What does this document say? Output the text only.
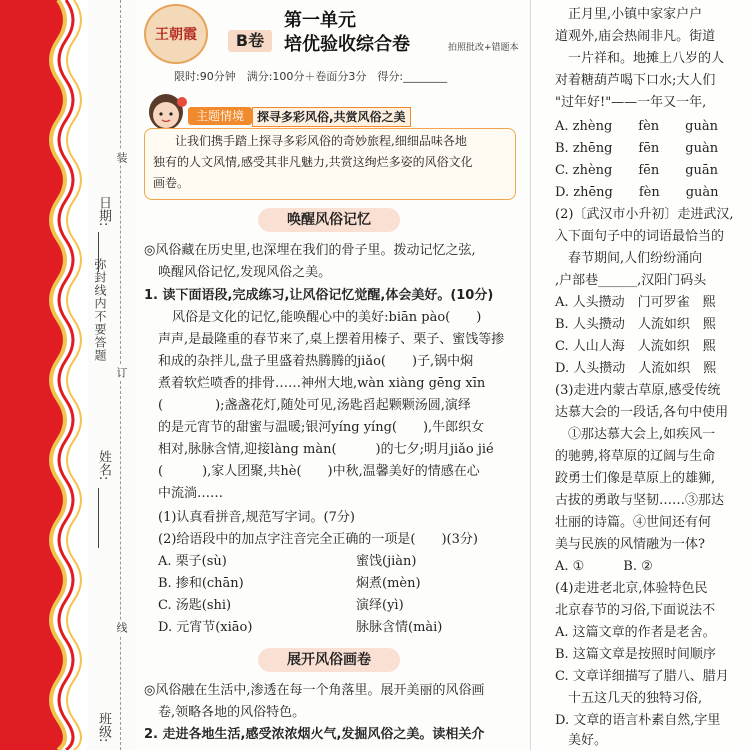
日期:
弥封线内不要答题
姓名:
班级:
装
订
线
王朝霞
第一单元
B卷	培优验收综合卷	拍照批改+错题本
限时:90分钟　满分:100分＋卷面分3分　得分:________
主题情境	探寻多彩风俗,共赏风俗之美
让我们携手踏上探寻多彩风俗的奇妙旅程,细细品味各地
独有的人文风情,感受其非凡魅力,共赏这绚烂多姿的风俗文化
画卷。
唤醒风俗记忆
◎风俗藏在历史里,也深埋在我们的骨子里。拨动记忆之弦,
唤醒风俗记忆,发现风俗之美。
1. 读下面语段,完成练习,让风俗记忆觉醒,体会美好。(10分)
风俗是文化的记忆,能唤醒心中的美好:biān pào(　　)
声声,是最隆重的春节来了,桌上摆着用榛子、栗子、蜜饯等掺
和成的杂拌儿,盘子里盛着热腾腾的jiǎo(　　)子,锅中焖
煮着软烂喷香的排骨……神州大地,wàn xiàng gēng xīn
(　　　　);盏盏花灯,随处可见,汤匙舀起颗颗汤圆,演绎
的是元宵节的甜蜜与温暖;银河yíng yíng(　　),牛郎织女
相对,脉脉含情,迎接làng màn(　　　)的七夕;明月jiǎo jié
(　　　),家人团聚,共hè(　　)中秋,温馨美好的情感在心
中流淌……
(1)认真看拼音,规范写字词。(7分)
(2)给语段中的加点字注音完全正确的一项是(　　)(3分)
A. 栗子(sù)	蜜饯(jiàn)
B. 掺和(chān)	焖煮(mèn)
C. 汤匙(shi)	演绎(yì)
D. 元宵节(xiāo)	脉脉含情(mài)
展开风俗画卷
◎风俗融在生活中,渗透在每一个角落里。展开美丽的风俗画
卷,领略各地的风俗特色。
2. 走进各地生活,感受浓浓烟火气,发掘风俗之美。读相关介
　正月里,小镇中家家户户
道观外,庙会热闹非凡。街道
　一片祥和。地摊上八岁的人
对着糖葫芦喝下口水;大人们
"过年好!"——一年又一年,
A. zhèng　　fèn　　guàn
B. zhēng　　fēn　　guàn
C. zhèng　　fēn　　guān
D. zhēng　　fèn　　guàn
(2)〔武汉市小升初〕走进武汉,
入下面句子中的词语最恰当的
　春节期间,人们纷纷涌向
,户部巷______,汉阳门码头
A. 人头攒动　门可罗雀　熙
B. 人头攒动　人流如织　熙
C. 人山人海　人流如织　熙
D. 人头攒动　人流如织　熙
(3)走进内蒙古草原,感受传统
达慕大会的一段话,各句中使用
　①那达慕大会上,如疾风一
的驰骋,将草原的辽阔与生命
跤勇士们像是草原上的雄狮,
古拔的勇敢与坚韧……③那达
壮丽的诗篇。④世间还有何
美与民族的风情融为一体?
A. ①　　　B. ②
(4)走进老北京,体验特色民
北京春节的习俗,下面说法不
A. 这篇文章的作者是老舍。
B. 这篇文章是按照时间顺序
C. 文章详细描写了腊八、腊月
　十五这几天的独特习俗,
D. 文章的语言朴素自然,字里
　美好。
